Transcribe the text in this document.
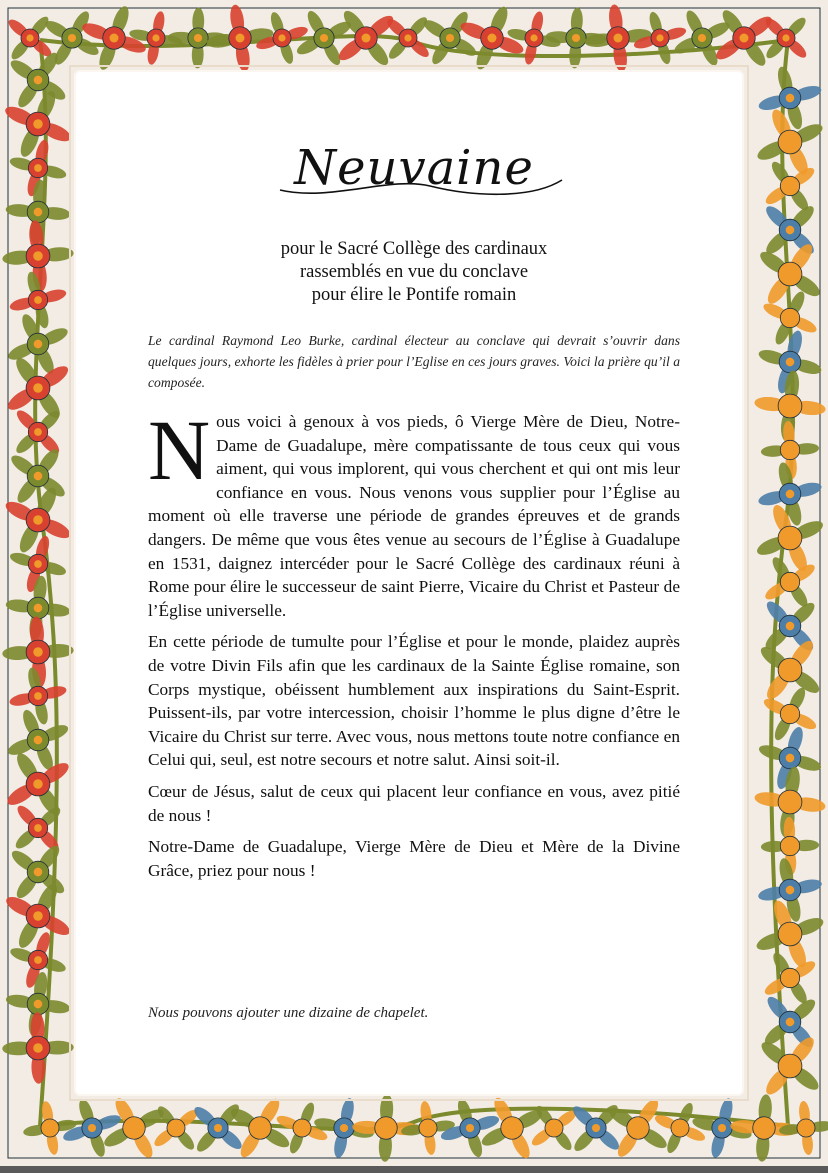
Neuvaine
pour le Sacré Collège des cardinaux
rassemblés en vue du conclave
pour élire le Pontife romain
Le cardinal Raymond Leo Burke, cardinal électeur au conclave qui devrait s’ouvrir dans quelques jours, exhorte les fidèles à prier pour l’Eglise en ces jours graves. Voici la prière qu’il a composée.

Nous voici à genoux à vos pieds, ô Vierge Mère de Dieu, Notre-Dame de Guadalupe, mère compatissante de tous ceux qui vous aiment, qui vous implorent, qui vous cherchent et qui ont mis leur confiance en vous. Nous venons vous supplier pour l’Église au moment où elle traverse une période de grandes épreuves et de grands dangers. De même que vous êtes venue au secours de l’Église à Guadalupe en 1531, daignez intercéder pour le Sacré Collège des cardinaux réuni à Rome pour élire le successeur de saint Pierre, Vicaire du Christ et Pasteur de l’Église universelle.

En cette période de tumulte pour l’Église et pour le monde, plaidez auprès de votre Divin Fils afin que les cardinaux de la Sainte Église romaine, son Corps mystique, obéissent humblement aux inspirations du Saint-Esprit. Puissent-ils, par votre intercession, choisir l’homme le plus digne d’être le Vicaire du Christ sur terre. Avec vous, nous mettons toute notre confiance en Celui qui, seul, est notre secours et notre salut. Ainsi soit-il.

Cœur de Jésus, salut de ceux qui placent leur confiance en vous, avez pitié de nous !

Notre-Dame de Guadalupe, Vierge Mère de Dieu et Mère de la Divine Grâce, priez pour nous !

Nous pouvons ajouter une dizaine de chapelet.
